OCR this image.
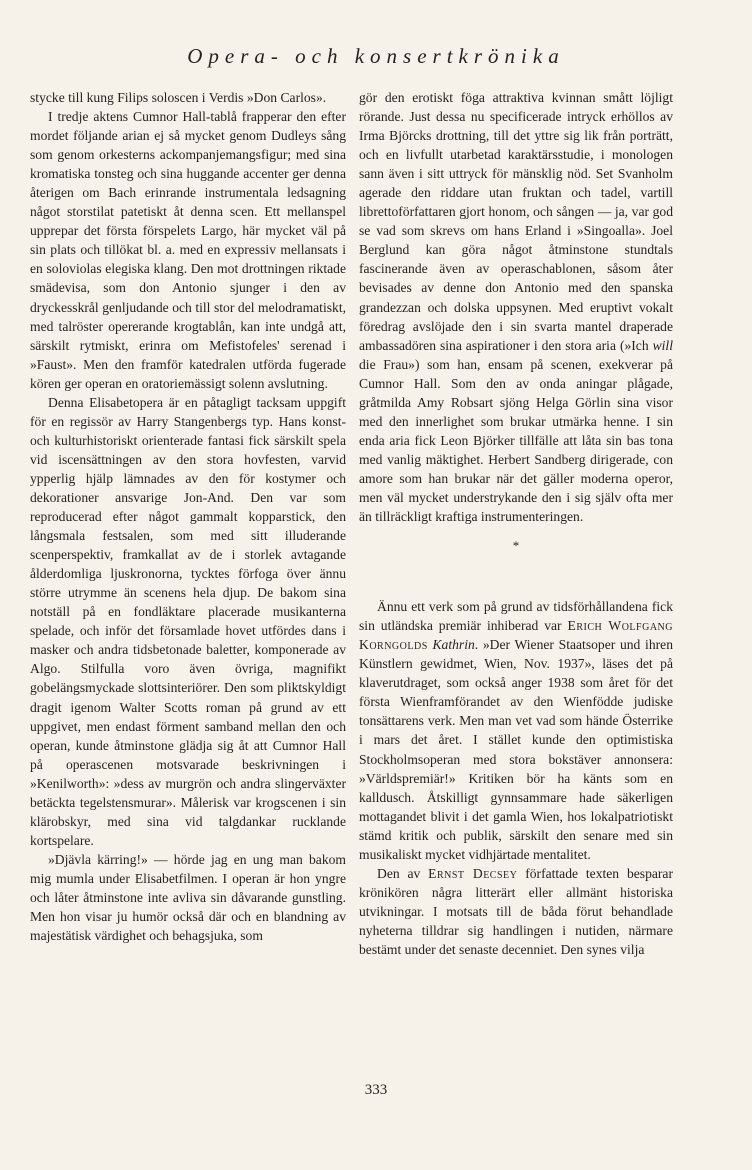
Opera- och konsertkrönika

stycke till kung Filips soloscen i Verdis »Don Carlos».

I tredje aktens Cumnor Hall-tablå frapperar den efter mordet följande arian ej så mycket genom Dudleys sång som genom orkesterns ackompanjemangsfigur; med sina kromatiska tonsteg och sina huggande accenter ger denna återigen om Bach erinrande instrumentala ledsagning något storstilat patetiskt åt denna scen. Ett mellanspel upprepar det första förspelets Largo, här mycket väl på sin plats och tillökat bl. a. med en expressiv mellansats i en soloviolas elegiska klang. Den mot drottningen riktade smädevisa, som don Antonio sjunger i den av dryckesskrål genljudande och till stor del melodramatiskt, med talröster opererande krogtablån, kan inte undgå att, särskilt rytmiskt, erinra om Mefistofeles' serenad i »Faust». Men den framför katedralen utförda fugerade kören ger operan en oratoriemässigt solenn avslutning.

Denna Elisabetopera är en påtagligt tacksam uppgift för en regissör av Harry Stangenbergs typ. Hans konst- och kulturhistoriskt orienterade fantasi fick särskilt spela vid iscensättningen av den stora hovfesten, varvid ypperlig hjälp lämnades av den för kostymer och dekorationer ansvarige Jon-And. Den var som reproducerad efter något gammalt kopparstick, den långsmala festsalen, som med sitt illuderande scenperspektiv, framkallat av de i storlek avtagande ålderdomliga ljuskronorna, tycktes förfoga över ännu större utrymme än scenens hela djup. De bakom sina notställ på en fondläktare placerade musikanterna spelade, och inför det församlade hovet utfördes dans i masker och andra tidsbetonade baletter, komponerade av Algo. Stilfulla voro även övriga, magnifikt gobelängsmyckade slottsinteriörer. Den som pliktskyldigt dragit igenom Walter Scotts roman på grund av ett uppgivet, men endast förment samband mellan den och operan, kunde åtminstone glädja sig åt att Cumnor Hall på operascenen motsvarade beskrivningen i »Kenilworth»: »dess av murgrön och andra slingerväxter betäckta tegelstensmurar». Målerisk var krogscenen i sin klärobskyr, med sina vid talgdankar rucklande kortspelare.

»Djävla kärring!» — hörde jag en ung man bakom mig mumla under Elisabetfilmen. I operan är hon yngre och låter åtminstone inte avliva sin dåvarande gunstling. Men hon visar ju humör också där och en blandning av majestätisk värdighet och behagsjuka, som

gör den erotiskt föga attraktiva kvinnan smått löjligt rörande. Just dessa nu specificerade intryck erhöllos av Irma Björcks drottning, till det yttre sig lik från porträtt, och en livfullt utarbetad karaktärsstudie, i monologen sann även i sitt uttryck för mänsklig nöd. Set Svanholm agerade den riddare utan fruktan och tadel, vartill librettoförfattaren gjort honom, och sången — ja, var god se vad som skrevs om hans Erland i »Singoalla». Joel Berglund kan göra något åtminstone stundtals fascinerande även av operaschablonen, såsom åter bevisades av denne don Antonio med den spanska grandezzan och dolska uppsynen. Med eruptivt vokalt föredrag avslöjade den i sin svarta mantel draperade ambassadören sina aspirationer i den stora aria (»Ich will die Frau») som han, ensam på scenen, exekverar på Cumnor Hall. Som den av onda aningar plågade, gråtmilda Amy Robsart sjöng Helga Görlin sina visor med den innerlighet som brukar utmärka henne. I sin enda aria fick Leon Björker tillfälle att låta sin bas tona med vanlig mäktighet. Herbert Sandberg dirigerade, con amore som han brukar när det gäller moderna operor, men väl mycket understrykande den i sig själv ofta mer än tillräckligt kraftiga instrumenteringen.

*

Ännu ett verk som på grund av tidsförhållandena fick sin utländska premiär inhiberad var Erich Wolfgang Korngolds Kathrin. »Der Wiener Staatsoper und ihren Künstlern gewidmet, Wien, Nov. 1937», läses det på klaverutdraget, som också anger 1938 som året för det första Wienframförandet av den Wienfödde judiske tonsättarens verk. Men man vet vad som hände Österrike i mars det året. I stället kunde den optimistiska Stockholmsoperan med stora bokstäver annonsera: »Världspremiär!» Kritiken bör ha känts som en kalldusch. Åtskilligt gynnsammare hade säkerligen mottagandet blivit i det gamla Wien, hos lokalpatriotiskt stämd kritik och publik, särskilt den senare med sin musikaliskt mycket vidhjärtade mentalitet.

Den av Ernst Decsey författade texten besparar krönikören några litterärt eller allmänt historiska utvikningar. I motsats till de båda förut behandlade nyheterna tilldrar sig handlingen i nutiden, närmare bestämt under det senaste decenniet. Den synes vilja

333
